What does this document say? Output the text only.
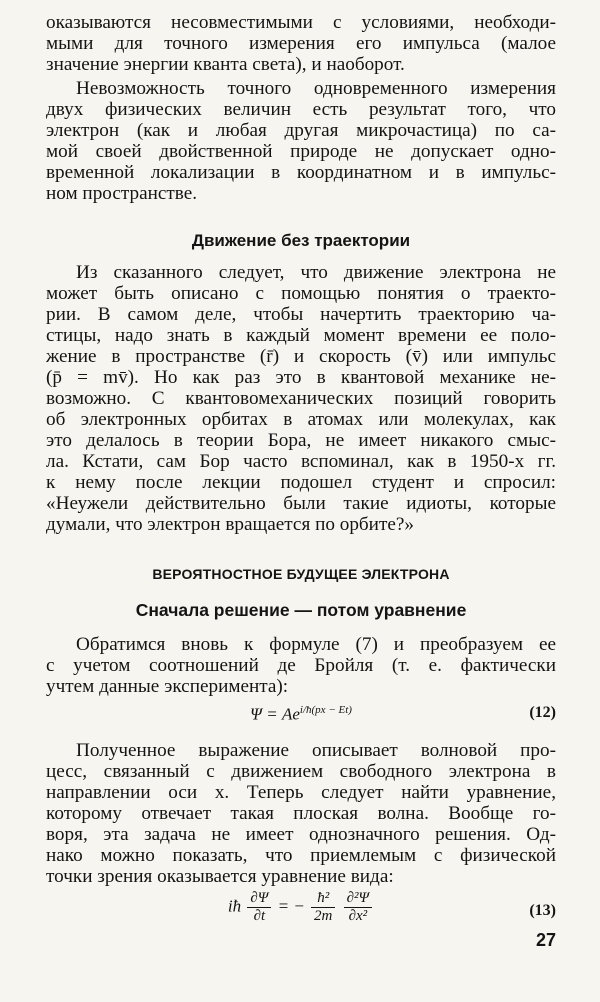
оказываются несовместимыми с условиями, необходи-
мыми для точного измерения его импульса (малое
значение энергии кванта света), и наоборот.
Невозможность точного одновременного измерения
двух физических величин есть результат того, что
электрон (как и любая другая микрочастица) по са-
мой своей двойственной природе не допускает одно-
временной локализации в координатном и в импульс-
ном пространстве.
Движение без траектории
Из сказанного следует, что движение электрона не
может быть описано с помощью понятия о траекто-
рии. В самом деле, чтобы начертить траекторию ча-
стицы, надо знать в каждый момент времени ее поло-
жение в пространстве (r̄) и скорость (v̄) или импульс
(p̄ = mv̄). Но как раз это в квантовой механике не-
возможно. С квантовомеханических позиций говорить
об электронных орбитах в атомах или молекулах, как
это делалось в теории Бора, не имеет никакого смыс-
ла. Кстати, сам Бор часто вспоминал, как в 1950-х гг.
к нему после лекции подошел студент и спросил:
«Неужели действительно были такие идиоты, которые
думали, что электрон вращается по орбите?»
ВЕРОЯТНОСТНОЕ БУДУЩЕЕ ЭЛЕКТРОНА
Сначала решение — потом уравнение
Обратимся вновь к формуле (7) и преобразуем ее
с учетом соотношений де Бройля (т. е. фактически
учтем данные эксперимента):
$\Psi = Ae^{i/ħ(px - Et)}$	(12)
Полученное выражение описывает волновой про-
цесс, связанный с движением свободного электрона в
направлении оси x. Теперь следует найти уравнение,
которому отвечает такая плоская волна. Вообще го-
воря, эта задача не имеет однозначного решения. Од-
нако можно показать, что приемлемым с физической
точки зрения оказывается уравнение вида:
iħ $\frac{\partial\Psi}{\partial t}$ = − $\frac{\text{ħ²}}{2m}$
$\frac{\text{∂²Ψ}}{\text{∂x²}}$	(13)
27
